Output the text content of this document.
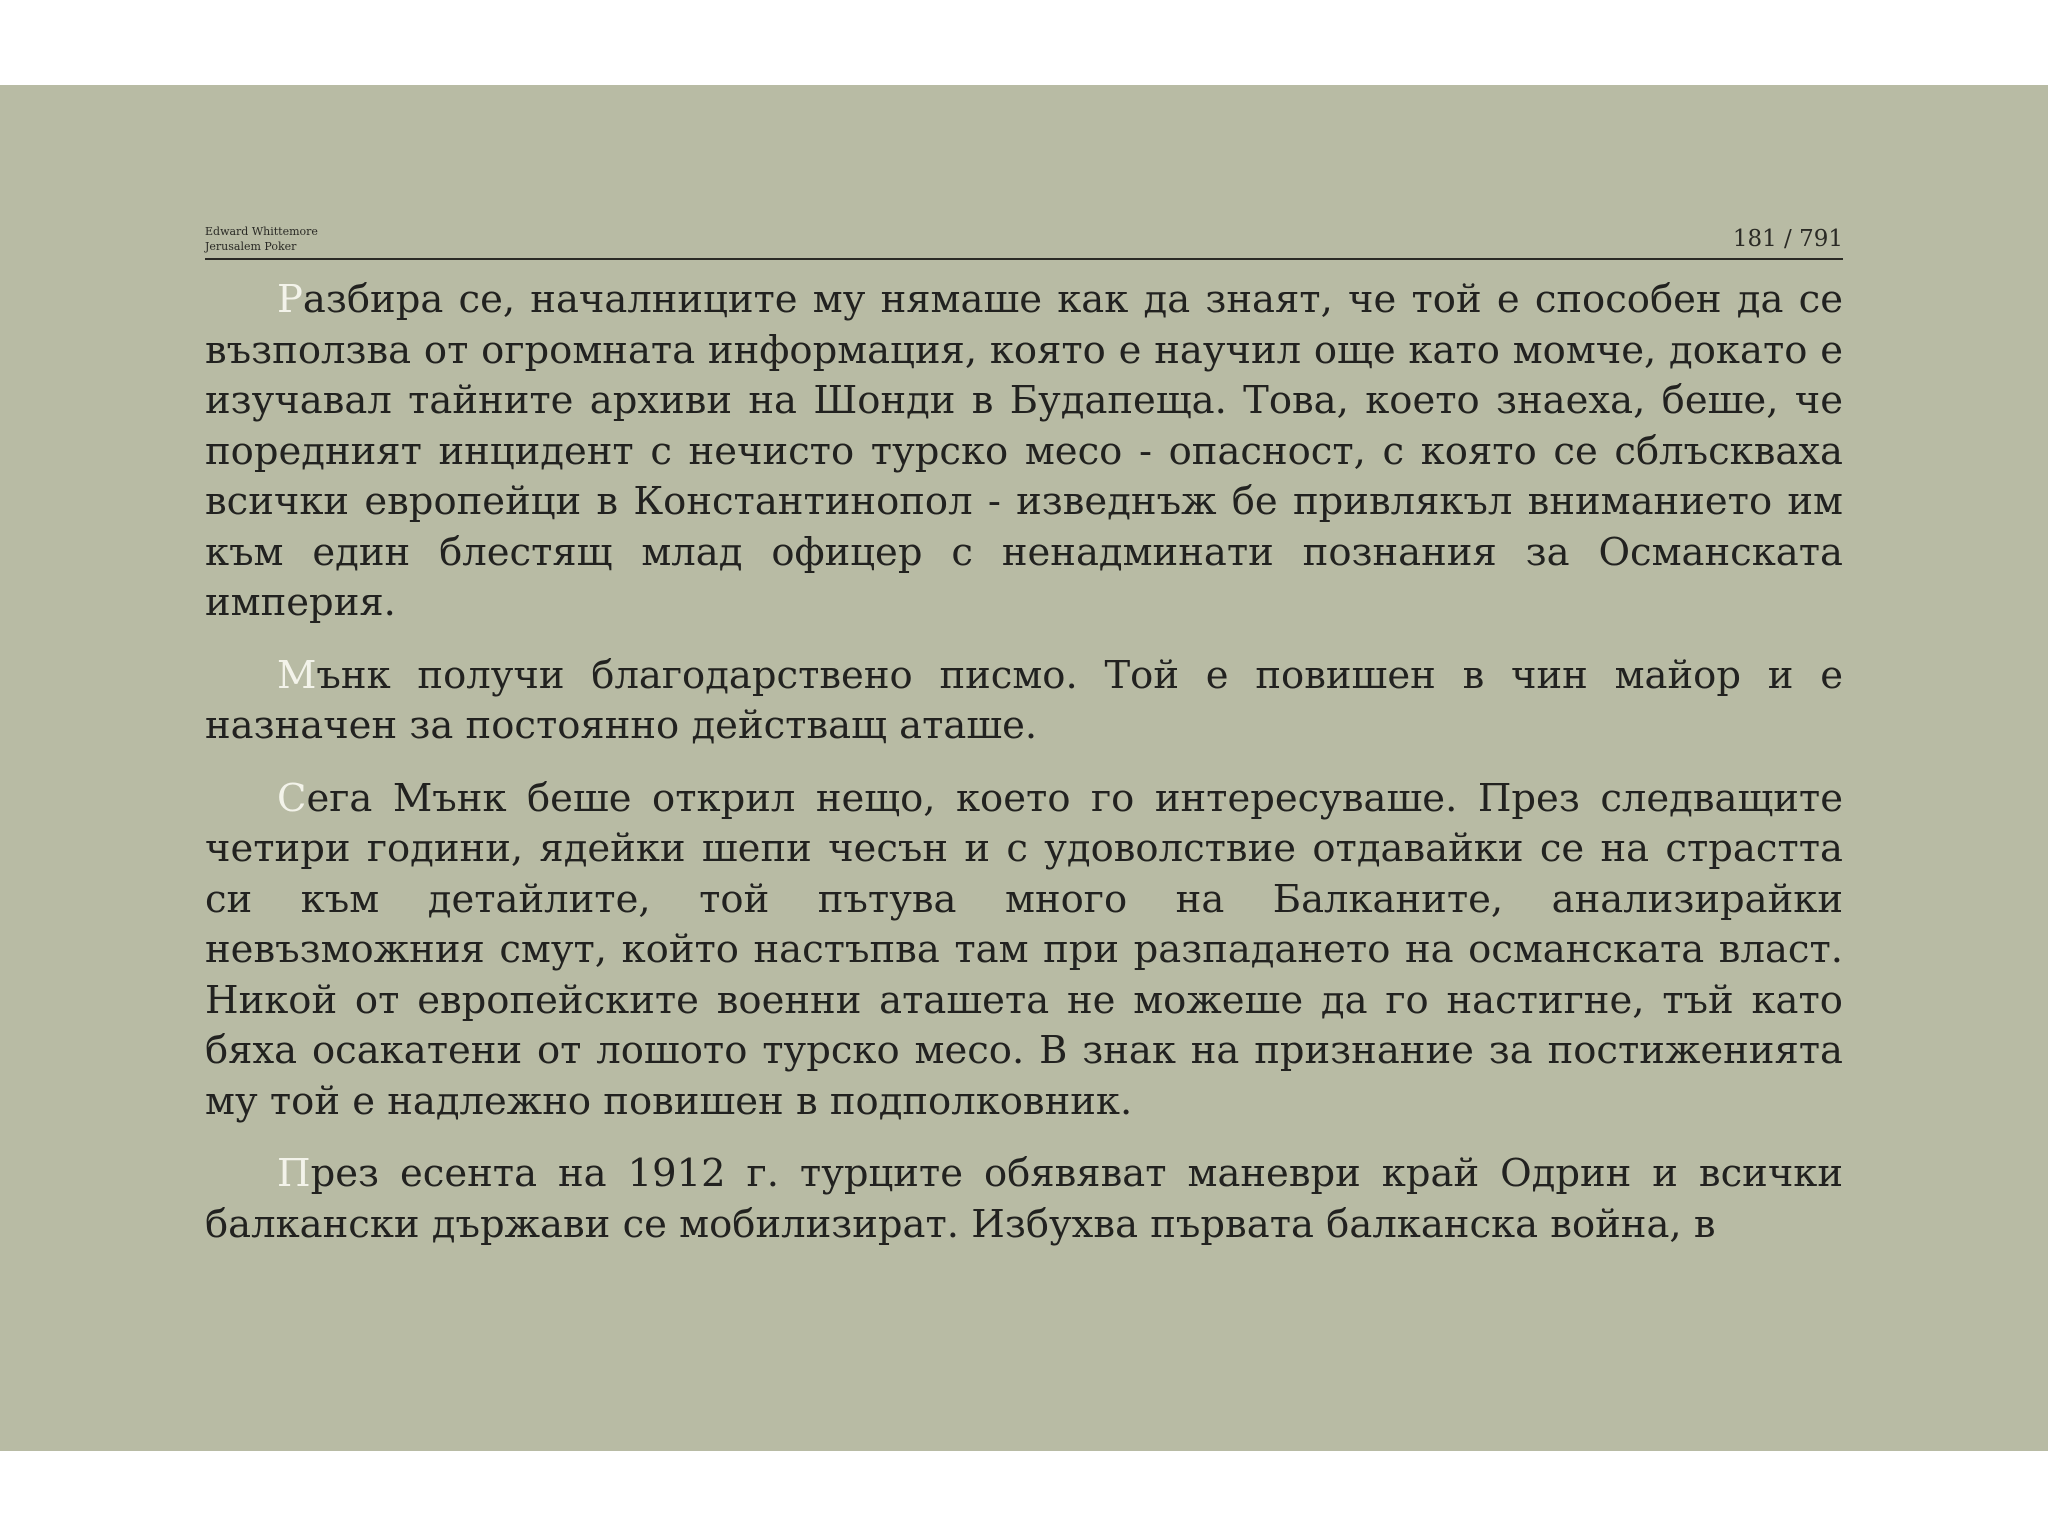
Edward Whittemore
Jerusalem Poker	181 / 791

Разбира се, началниците му нямаше как да знаят, че той е способен да се възползва от огромната информация, която е научил още като момче, докато е изучавал тайните архиви на Шонди в Будапеща. Това, което знаеха, беше, че поредният инцидент с нечисто турско месо - опасност, с която се сблъскваха всички европейци в Константинопол - изведнъж бе привлякъл вниманието им към един блестящ млад офицер с ненадминати познания за Османската империя.

Мънк получи благодарствено писмо. Той е повишен в чин майор и е назначен за постоянно действащ аташе.

Сега Мънк беше открил нещо, което го интересуваше. През следващите четири години, ядейки шепи чесън и с удоволствие отдавайки се на страстта си към детайлите, той пътува много на Балканите, анализирайки невъзможния смут, който настъпва там при разпадането на османската власт. Никой от европейските военни аташета не можеше да го настигне, тъй като бяха осакатени от лошото турско месо. В знак на признание за постиженията му той е надлежно повишен в подполковник.

През есента на 1912 г. турците обявяват маневри край Одрин и всички балкански държави се мобилизират. Избухва първата балканска война, в
